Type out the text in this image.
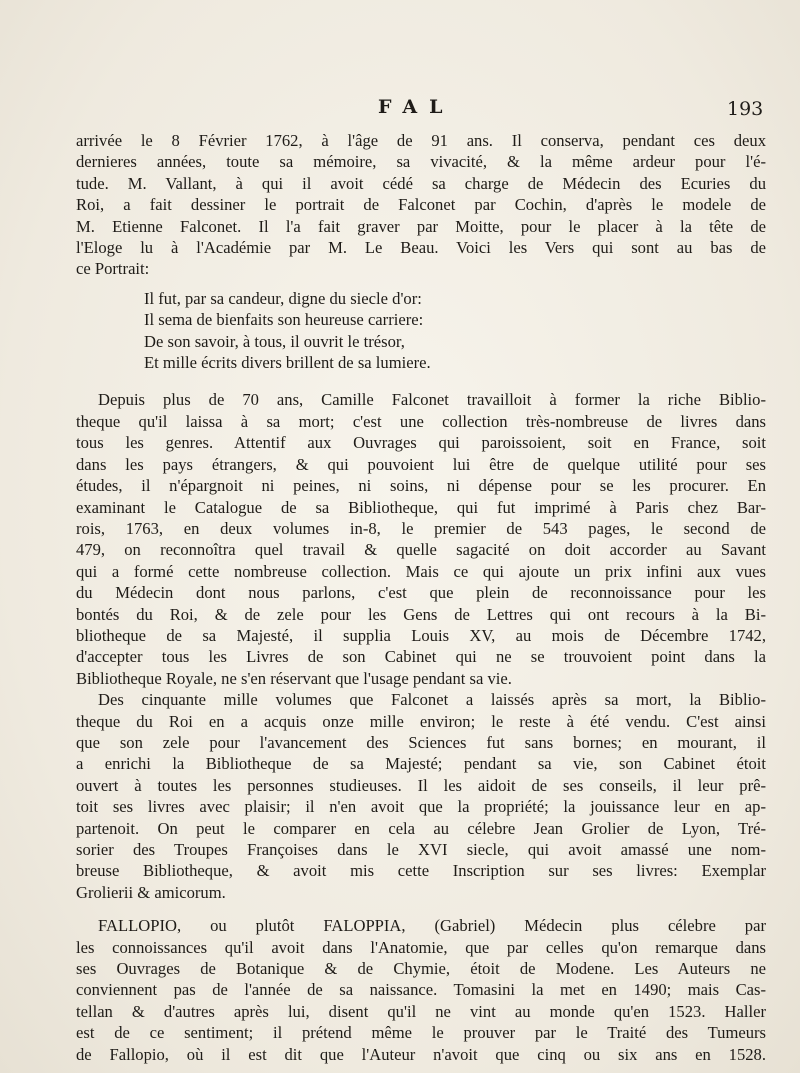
FAL	193

arrivée le 8 Février 1762, à l'âge de 91 ans. Il conserva, pendant ces deux

dernieres années, toute sa mémoire, sa vivacité, & la même ardeur pour l'é-

tude. M. Vallant, à qui il avoit cédé sa charge de Médecin des Ecuries du

Roi, a fait dessiner le portrait de Falconet par Cochin, d'après le modele de

M. Etienne Falconet. Il l'a fait graver par Moitte, pour le placer à la tête de

l'Eloge lu à l'Académie par M. Le Beau. Voici les Vers qui sont au bas de

ce Portrait:

Il fut, par sa candeur, digne du siecle d'or:

Il sema de bienfaits son heureuse carriere:

De son savoir, à tous, il ouvrit le trésor,

Et mille écrits divers brillent de sa lumiere.

Depuis plus de 70 ans, Camille Falconet travailloit à former la riche Biblio-

theque qu'il laissa à sa mort; c'est une collection très-nombreuse de livres dans

tous les genres. Attentif aux Ouvrages qui paroissoient, soit en France, soit

dans les pays étrangers, & qui pouvoient lui être de quelque utilité pour ses

études, il n'épargnoit ni peines, ni soins, ni dépense pour se les procurer. En

examinant le Catalogue de sa Bibliotheque, qui fut imprimé à Paris chez Bar-

rois, 1763, en deux volumes in-8, le premier de 543 pages, le second de

479, on reconnoîtra quel travail & quelle sagacité on doit accorder au Savant

qui a formé cette nombreuse collection. Mais ce qui ajoute un prix infini aux vues

du Médecin dont nous parlons, c'est que plein de reconnoissance pour les

bontés du Roi, & de zele pour les Gens de Lettres qui ont recours à la Bi-

bliotheque de sa Majesté, il supplia Louis XV, au mois de Décembre 1742,

d'accepter tous les Livres de son Cabinet qui ne se trouvoient point dans la

Bibliotheque Royale, ne s'en réservant que l'usage pendant sa vie.

Des cinquante mille volumes que Falconet a laissés après sa mort, la Biblio-

theque du Roi en a acquis onze mille environ; le reste à été vendu. C'est ainsi

que son zele pour l'avancement des Sciences fut sans bornes; en mourant, il

a enrichi la Bibliotheque de sa Majesté; pendant sa vie, son Cabinet étoit

ouvert à toutes les personnes studieuses. Il les aidoit de ses conseils, il leur prê-

toit ses livres avec plaisir; il n'en avoit que la propriété; la jouissance leur en ap-

partenoit. On peut le comparer en cela au célebre Jean Grolier de Lyon, Tré-

sorier des Troupes Françoises dans le XVI siecle, qui avoit amassé une nom-

breuse Bibliotheque, & avoit mis cette Inscription sur ses livres: Exemplar

Grolierii & amicorum.

FALLOPIO, ou plutôt FALOPPIA, (Gabriel) Médecin plus célebre par

les connoissances qu'il avoit dans l'Anatomie, que par celles qu'on remarque dans

ses Ouvrages de Botanique & de Chymie, étoit de Modene. Les Auteurs ne

conviennent pas de l'année de sa naissance. Tomasini la met en 1490; mais Cas-

tellan & d'autres après lui, disent qu'il ne vint au monde qu'en 1523. Haller

est de ce sentiment; il prétend même le prouver par le Traité des Tumeurs

de Fallopio, où il est dit que l'Auteur n'avoit que cinq ou six ans en 1528.
